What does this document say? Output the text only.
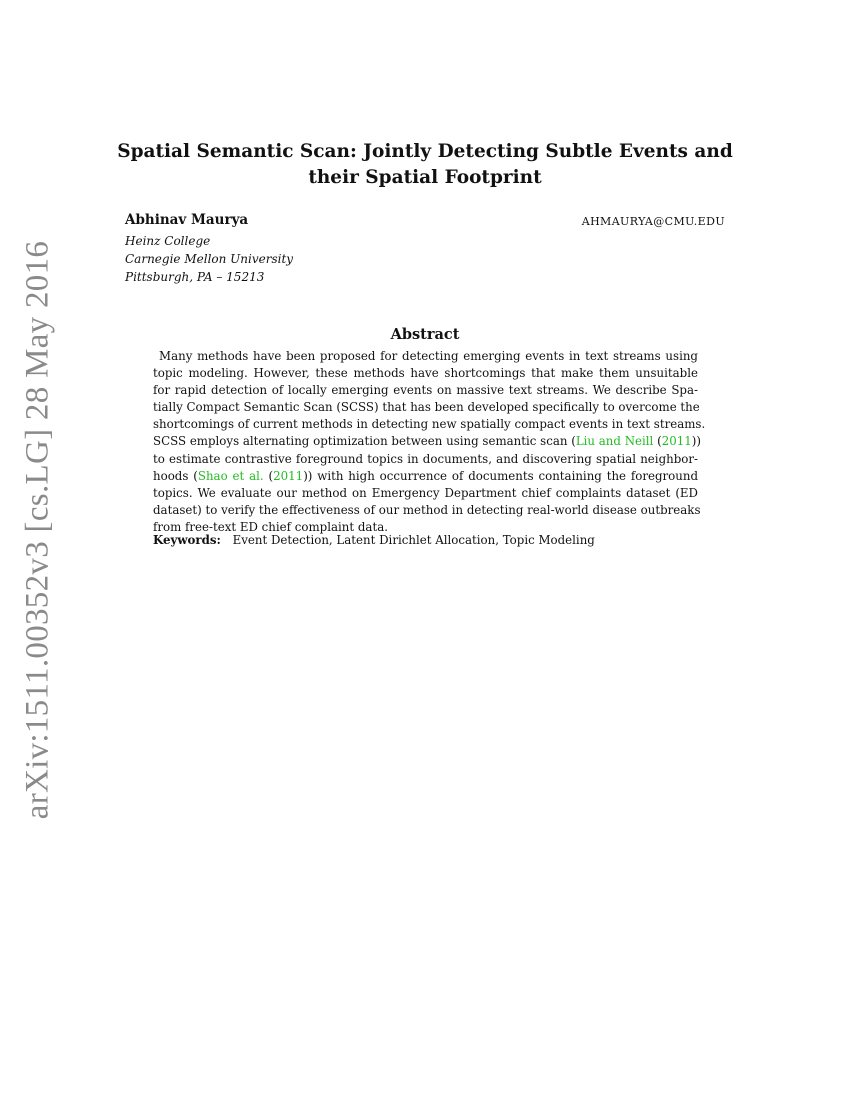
arXiv:1511.00352v3 [cs.LG] 28 May 2016
Spatial Semantic Scan: Jointly Detecting Subtle Events and
their Spatial Footprint
Abhinav Maurya	AHMAURYA@CMU.EDU
Heinz College
Carnegie Mellon University
Pittsburgh, PA – 15213
Abstract
Many methods have been proposed for detecting emerging events in text streams using
topic modeling. However, these methods have shortcomings that make them unsuitable
for rapid detection of locally emerging events on massive text streams. We describe Spa-
tially Compact Semantic Scan (SCSS) that has been developed specifically to overcome the
shortcomings of current methods in detecting new spatially compact events in text streams.
SCSS employs alternating optimization between using semantic scan (Liu and Neill (2011))
to estimate contrastive foreground topics in documents, and discovering spatial neighbor-
hoods (Shao et al. (2011)) with high occurrence of documents containing the foreground
topics. We evaluate our method on Emergency Department chief complaints dataset (ED
dataset) to verify the effectiveness of our method in detecting real-world disease outbreaks
from free-text ED chief complaint data.
Keywords: Event Detection, Latent Dirichlet Allocation, Topic Modeling
